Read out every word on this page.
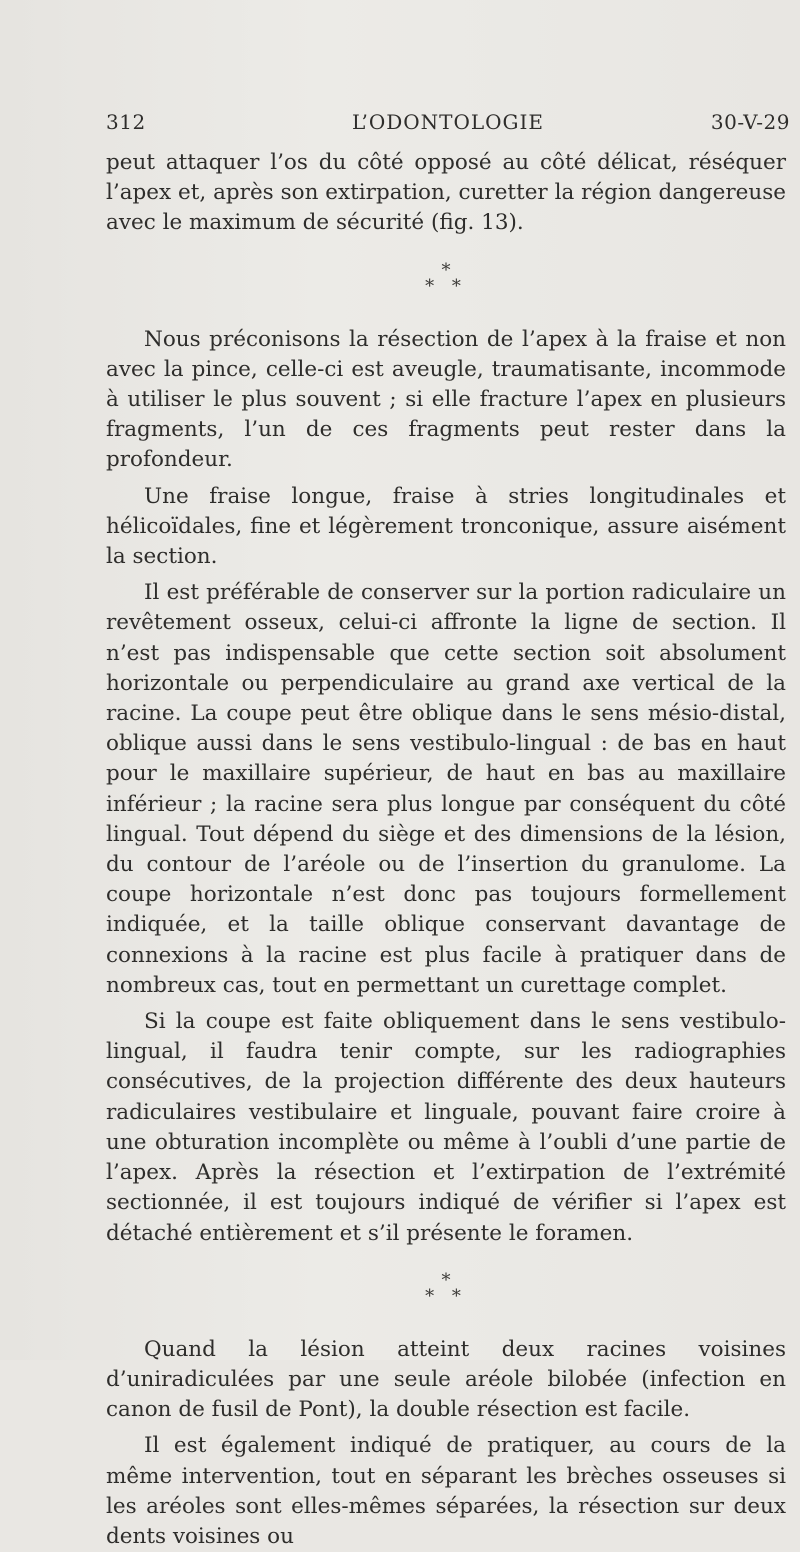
312	L’ODONTOLOGIE	30-V-29

peut attaquer l’os du côté opposé au côté délicat, réséquer l’apex et, après son extirpation, curetter la région dangereuse avec le maximum de sécurité (fig. 13).

*
* *

Nous préconisons la résection de l’apex à la fraise et non avec la pince, celle-ci est aveugle, traumatisante, incommode à utiliser le plus souvent ; si elle fracture l’apex en plusieurs fragments, l’un de ces fragments peut rester dans la profondeur.

Une fraise longue, fraise à stries longitudinales et hélicoïdales, fine et légèrement tronconique, assure aisément la section.

Il est préférable de conserver sur la portion radiculaire un revêtement osseux, celui-ci affronte la ligne de section. Il n’est pas indispensable que cette section soit absolument horizontale ou perpendiculaire au grand axe vertical de la racine. La coupe peut être oblique dans le sens mésio-distal, oblique aussi dans le sens vestibulo-lingual : de bas en haut pour le maxillaire supérieur, de haut en bas au maxillaire inférieur ; la racine sera plus longue par conséquent du côté lingual. Tout dépend du siège et des dimensions de la lésion, du contour de l’aréole ou de l’insertion du granulome. La coupe horizontale n’est donc pas toujours formellement indiquée, et la taille oblique conservant davantage de connexions à la racine est plus facile à pratiquer dans de nombreux cas, tout en permettant un curettage complet.

Si la coupe est faite obliquement dans le sens vestibulo-lingual, il faudra tenir compte, sur les radiographies consécutives, de la projection différente des deux hauteurs radiculaires vestibulaire et linguale, pouvant faire croire à une obturation incomplète ou même à l’oubli d’une partie de l’apex. Après la résection et l’extirpation de l’extrémité sectionnée, il est toujours indiqué de vérifier si l’apex est détaché entièrement et s’il présente le foramen.

*
* *

Quand la lésion atteint deux racines voisines d’uniradiculées par une seule aréole bilobée (infection en canon de fusil de Pont), la double résection est facile.

Il est également indiqué de pratiquer, au cours de la même intervention, tout en séparant les brèches osseuses si les aréoles sont elles-mêmes séparées, la résection sur deux dents voisines ou
